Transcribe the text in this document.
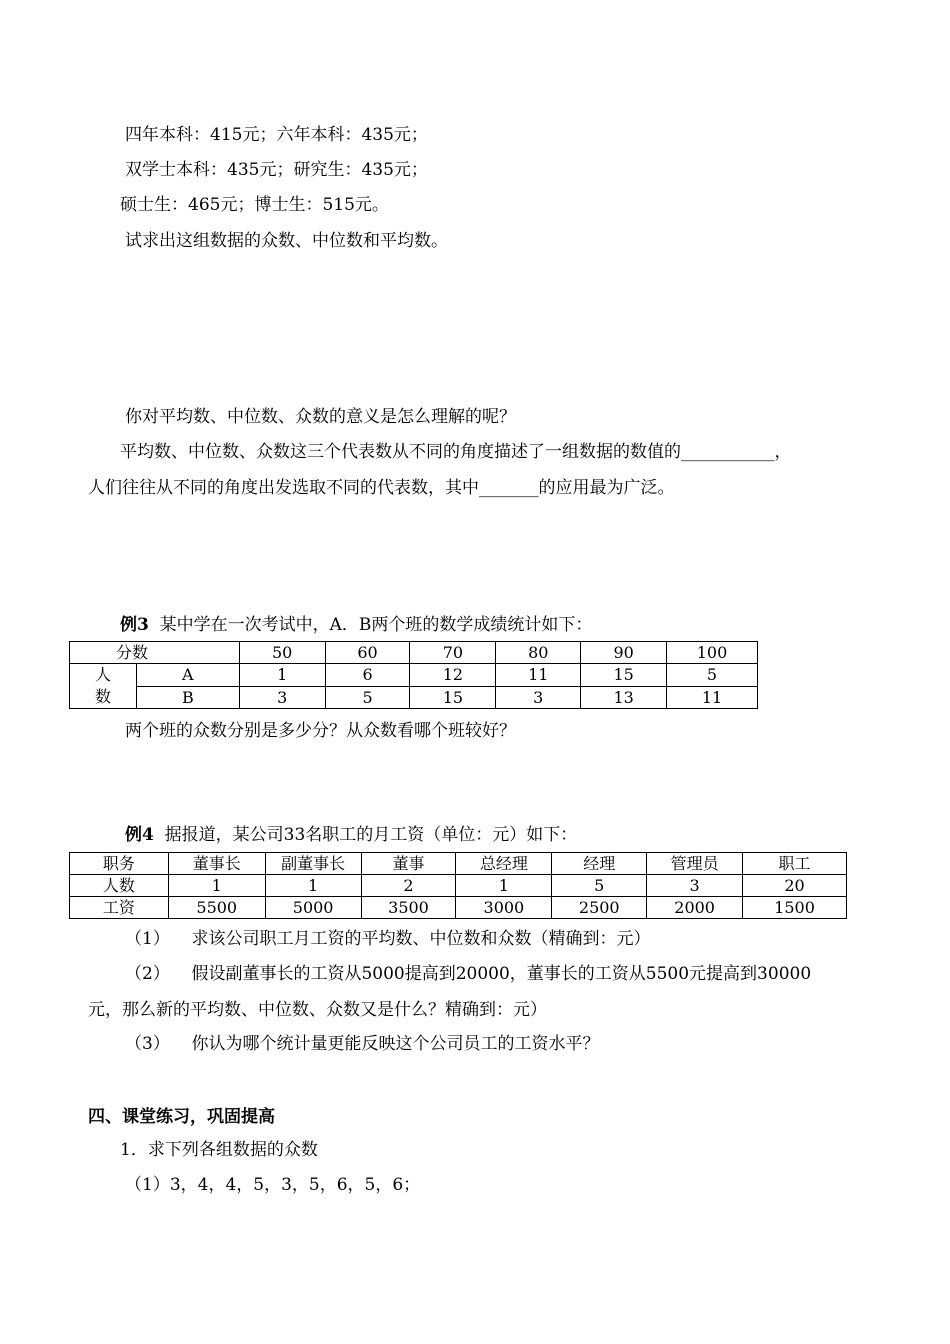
四年本科：415元；六年本科：435元；
双学士本科：435元；研究生：435元；
硕士生：465元；博士生：515元。
试求出这组数据的众数、中位数和平均数。
你对平均数、中位数、众数的意义是怎么理解的呢？
平均数、中位数、众数这三个代表数从不同的角度描述了一组数据的数值的___________，
人们往往从不同的角度出发选取不同的代表数，其中_______的应用最为广泛。
例3 某中学在一次考试中，A．B两个班的数学成绩统计如下：
分数		50	60	70	80	90	100

人
数	A	1	6	12	11	15	5
	B	3	5	15	3	13	11
两个班的众数分别是多少分？从众数看哪个班较好？
例4 据报道，某公司33名职工的月工资（单位：元）如下：
职务	董事长	副董事长	董事	总经理	经理	管理员	职工
人数	1	1	2	1	5	3	20
工资	5500	5000	3500	3000	2500	2000	1500
（1） 求该公司职工月工资的平均数、中位数和众数（精确到：元）
（2） 假设副董事长的工资从5000提高到20000，董事长的工资从5500元提高到30000
元，那么新的平均数、中位数、众数又是什么？精确到：元）
（3） 你认为哪个统计量更能反映这个公司员工的工资水平？
四、课堂练习，巩固提高
1．求下列各组数据的众数
（1）3，4，4，5，3，5，6，5，6；
